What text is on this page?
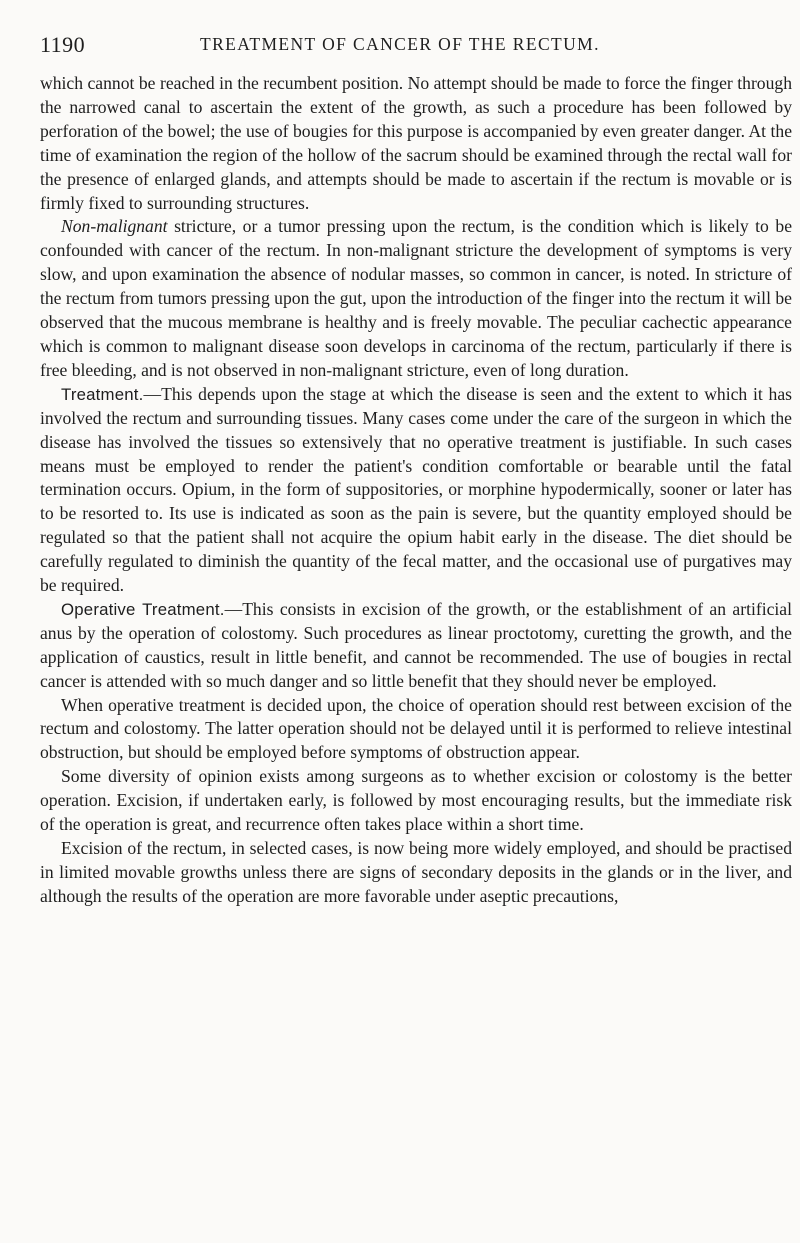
1190	TREATMENT OF CANCER OF THE RECTUM.

which cannot be reached in the recumbent position. No attempt should be made to force the finger through the narrowed canal to ascertain the extent of the growth, as such a procedure has been followed by perforation of the bowel; the use of bougies for this purpose is accompanied by even greater danger. At the time of examination the region of the hollow of the sacrum should be examined through the rectal wall for the presence of enlarged glands, and attempts should be made to ascertain if the rectum is movable or is firmly fixed to surrounding structures.

Non-malignant stricture, or a tumor pressing upon the rectum, is the condition which is likely to be confounded with cancer of the rectum. In non-malignant stricture the development of symptoms is very slow, and upon examination the absence of nodular masses, so common in cancer, is noted. In stricture of the rectum from tumors pressing upon the gut, upon the introduction of the finger into the rectum it will be observed that the mucous membrane is healthy and is freely movable. The peculiar cachectic appearance which is common to malignant disease soon develops in carcinoma of the rectum, particularly if there is free bleeding, and is not observed in non-malignant stricture, even of long duration.

Treatment.—This depends upon the stage at which the disease is seen and the extent to which it has involved the rectum and surrounding tissues. Many cases come under the care of the surgeon in which the disease has involved the tissues so extensively that no operative treatment is justifiable. In such cases means must be employed to render the patient's condition comfortable or bearable until the fatal termination occurs. Opium, in the form of suppositories, or morphine hypodermically, sooner or later has to be resorted to. Its use is indicated as soon as the pain is severe, but the quantity employed should be regulated so that the patient shall not acquire the opium habit early in the disease. The diet should be carefully regulated to diminish the quantity of the fecal matter, and the occasional use of purgatives may be required.

Operative Treatment.—This consists in excision of the growth, or the establishment of an artificial anus by the operation of colostomy. Such procedures as linear proctotomy, curetting the growth, and the application of caustics, result in little benefit, and cannot be recommended. The use of bougies in rectal cancer is attended with so much danger and so little benefit that they should never be employed.

When operative treatment is decided upon, the choice of operation should rest between excision of the rectum and colostomy. The latter operation should not be delayed until it is performed to relieve intestinal obstruction, but should be employed before symptoms of obstruction appear.

Some diversity of opinion exists among surgeons as to whether excision or colostomy is the better operation. Excision, if undertaken early, is followed by most encouraging results, but the immediate risk of the operation is great, and recurrence often takes place within a short time.

Excision of the rectum, in selected cases, is now being more widely employed, and should be practised in limited movable growths unless there are signs of secondary deposits in the glands or in the liver, and although the results of the operation are more favorable under aseptic precautions,
